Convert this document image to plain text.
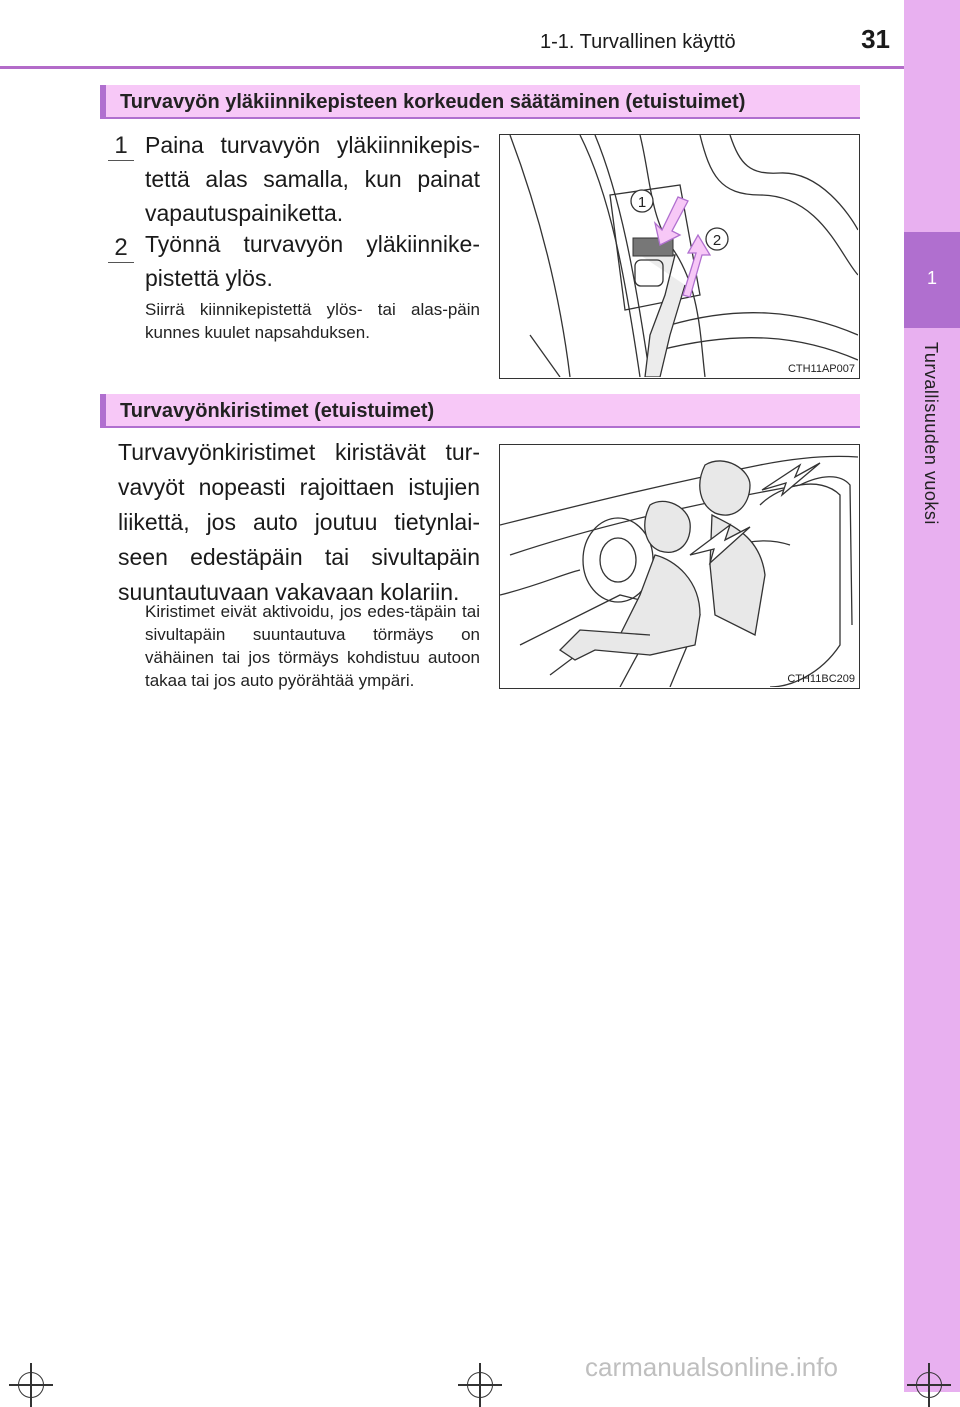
1-1. Turvallinen käyttö	31
1
Turvallisuuden vuoksi
Turvavyön yläkiinnikepisteen korkeuden säätäminen (etuistuimet)
1 Paina turvavyön yläkiinnikepis-tettä alas samalla, kun painat vapautuspainiketta.
2 Työnnä turvavyön yläkiinnike-pistettä ylös.
Siirrä kiinnikepistettä ylös- tai alas-päin kunnes kuulet napsahduksen.
1
2
CTH11AP007
Turvavyönkiristimet (etuistuimet)
Turvavyönkiristimet kiristävät tur-vavyöt nopeasti rajoittaen istujien liikettä, jos auto joutuu tietynlai-seen edestäpäin tai sivultapäin suuntautuvaan vakavaan kolariin.
Kiristimet eivät aktivoidu, jos edes-täpäin tai sivultapäin suuntautuva törmäys on vähäinen tai jos törmäys kohdistuu autoon takaa tai jos auto pyörähtää ympäri.	CTH11BC209
carmanualsonline.info
